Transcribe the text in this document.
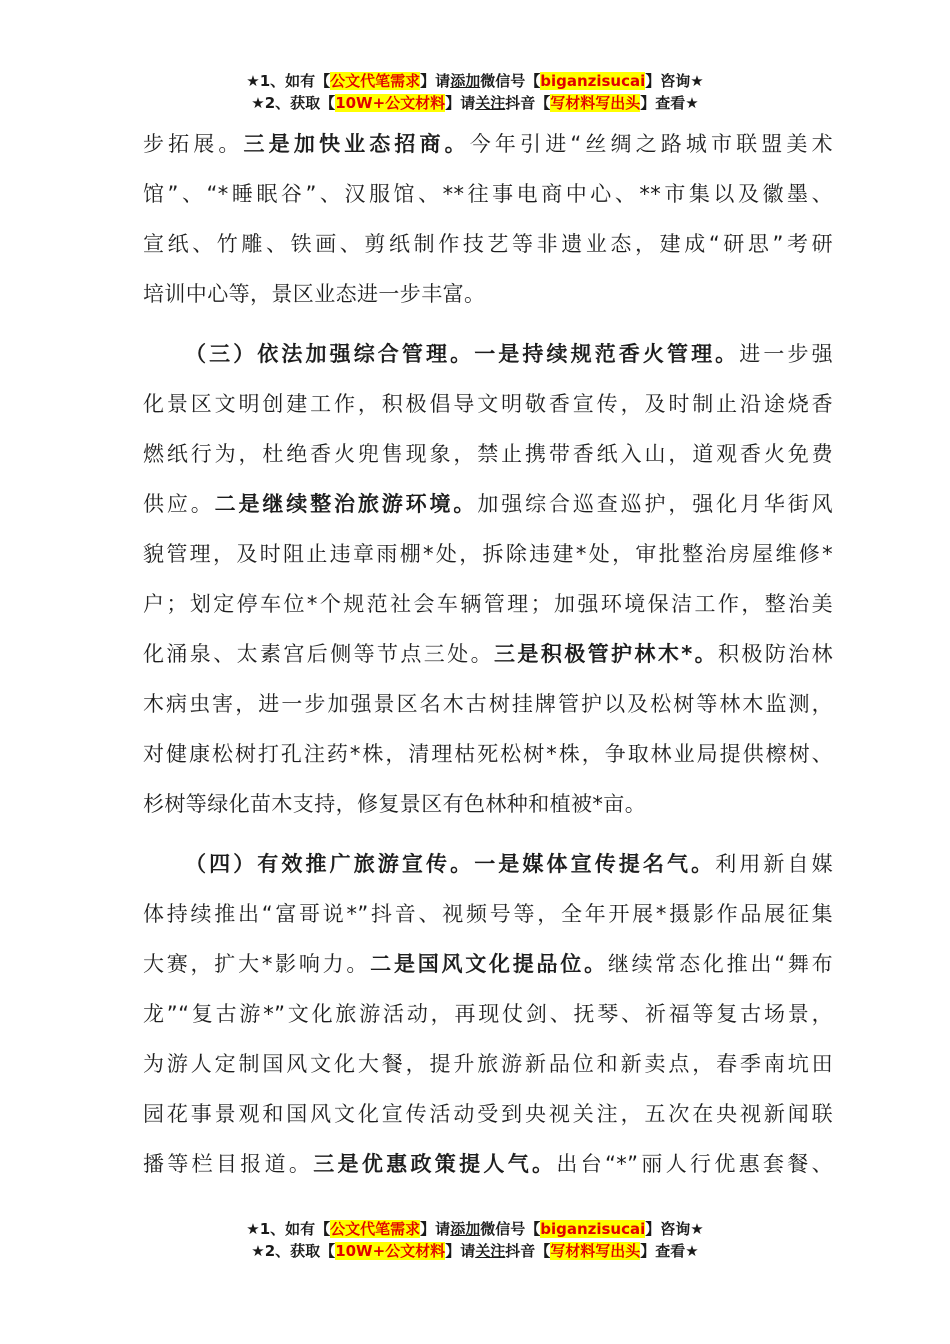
★1、如有【公文代笔需求】请添加微信号【biganzisucai】咨询★
★2、获取【10W+公文材料】请关注抖音【写材料写出头】查看★
步拓展。三是加快业态招商。今年引进“丝绸之路城市联盟美术
馆”、“*睡眠谷”、汉服馆、**往事电商中心、**市集以及徽墨、
宣纸、竹雕、铁画、剪纸制作技艺等非遗业态，建成“研思”考研
培训中心等，景区业态进一步丰富。
（三）依法加强综合管理。一是持续规范香火管理。进一步强
化景区文明创建工作，积极倡导文明敬香宣传，及时制止沿途烧香
燃纸行为，杜绝香火兜售现象，禁止携带香纸入山，道观香火免费
供应。二是继续整治旅游环境。加强综合巡查巡护，强化月华街风
貌管理，及时阻止违章雨棚*处，拆除违建*处，审批整治房屋维修*
户；划定停车位*个规范社会车辆管理；加强环境保洁工作，整治美
化涌泉、太素宫后侧等节点三处。三是积极管护林木*。积极防治林
木病虫害，进一步加强景区名木古树挂牌管护以及松树等林木监测，
对健康松树打孔注药*株，清理枯死松树*株，争取林业局提供檫树、
杉树等绿化苗木支持，修复景区有色林种和植被*亩。
（四）有效推广旅游宣传。一是媒体宣传提名气。利用新自媒
体持续推出“富哥说*”抖音、视频号等，全年开展*摄影作品展征集
大赛，扩大*影响力。二是国风文化提品位。继续常态化推出“舞布
龙”“复古游*”文化旅游活动，再现仗剑、抚琴、祈福等复古场景，
为游人定制国风文化大餐，提升旅游新品位和新卖点，春季南坑田
园花事景观和国风文化宣传活动受到央视关注，五次在央视新闻联
播等栏目报道。三是优惠政策提人气。出台“*”丽人行优惠套餐、
★1、如有【公文代笔需求】请添加微信号【biganzisucai】咨询★
★2、获取【10W+公文材料】请关注抖音【写材料写出头】查看★
